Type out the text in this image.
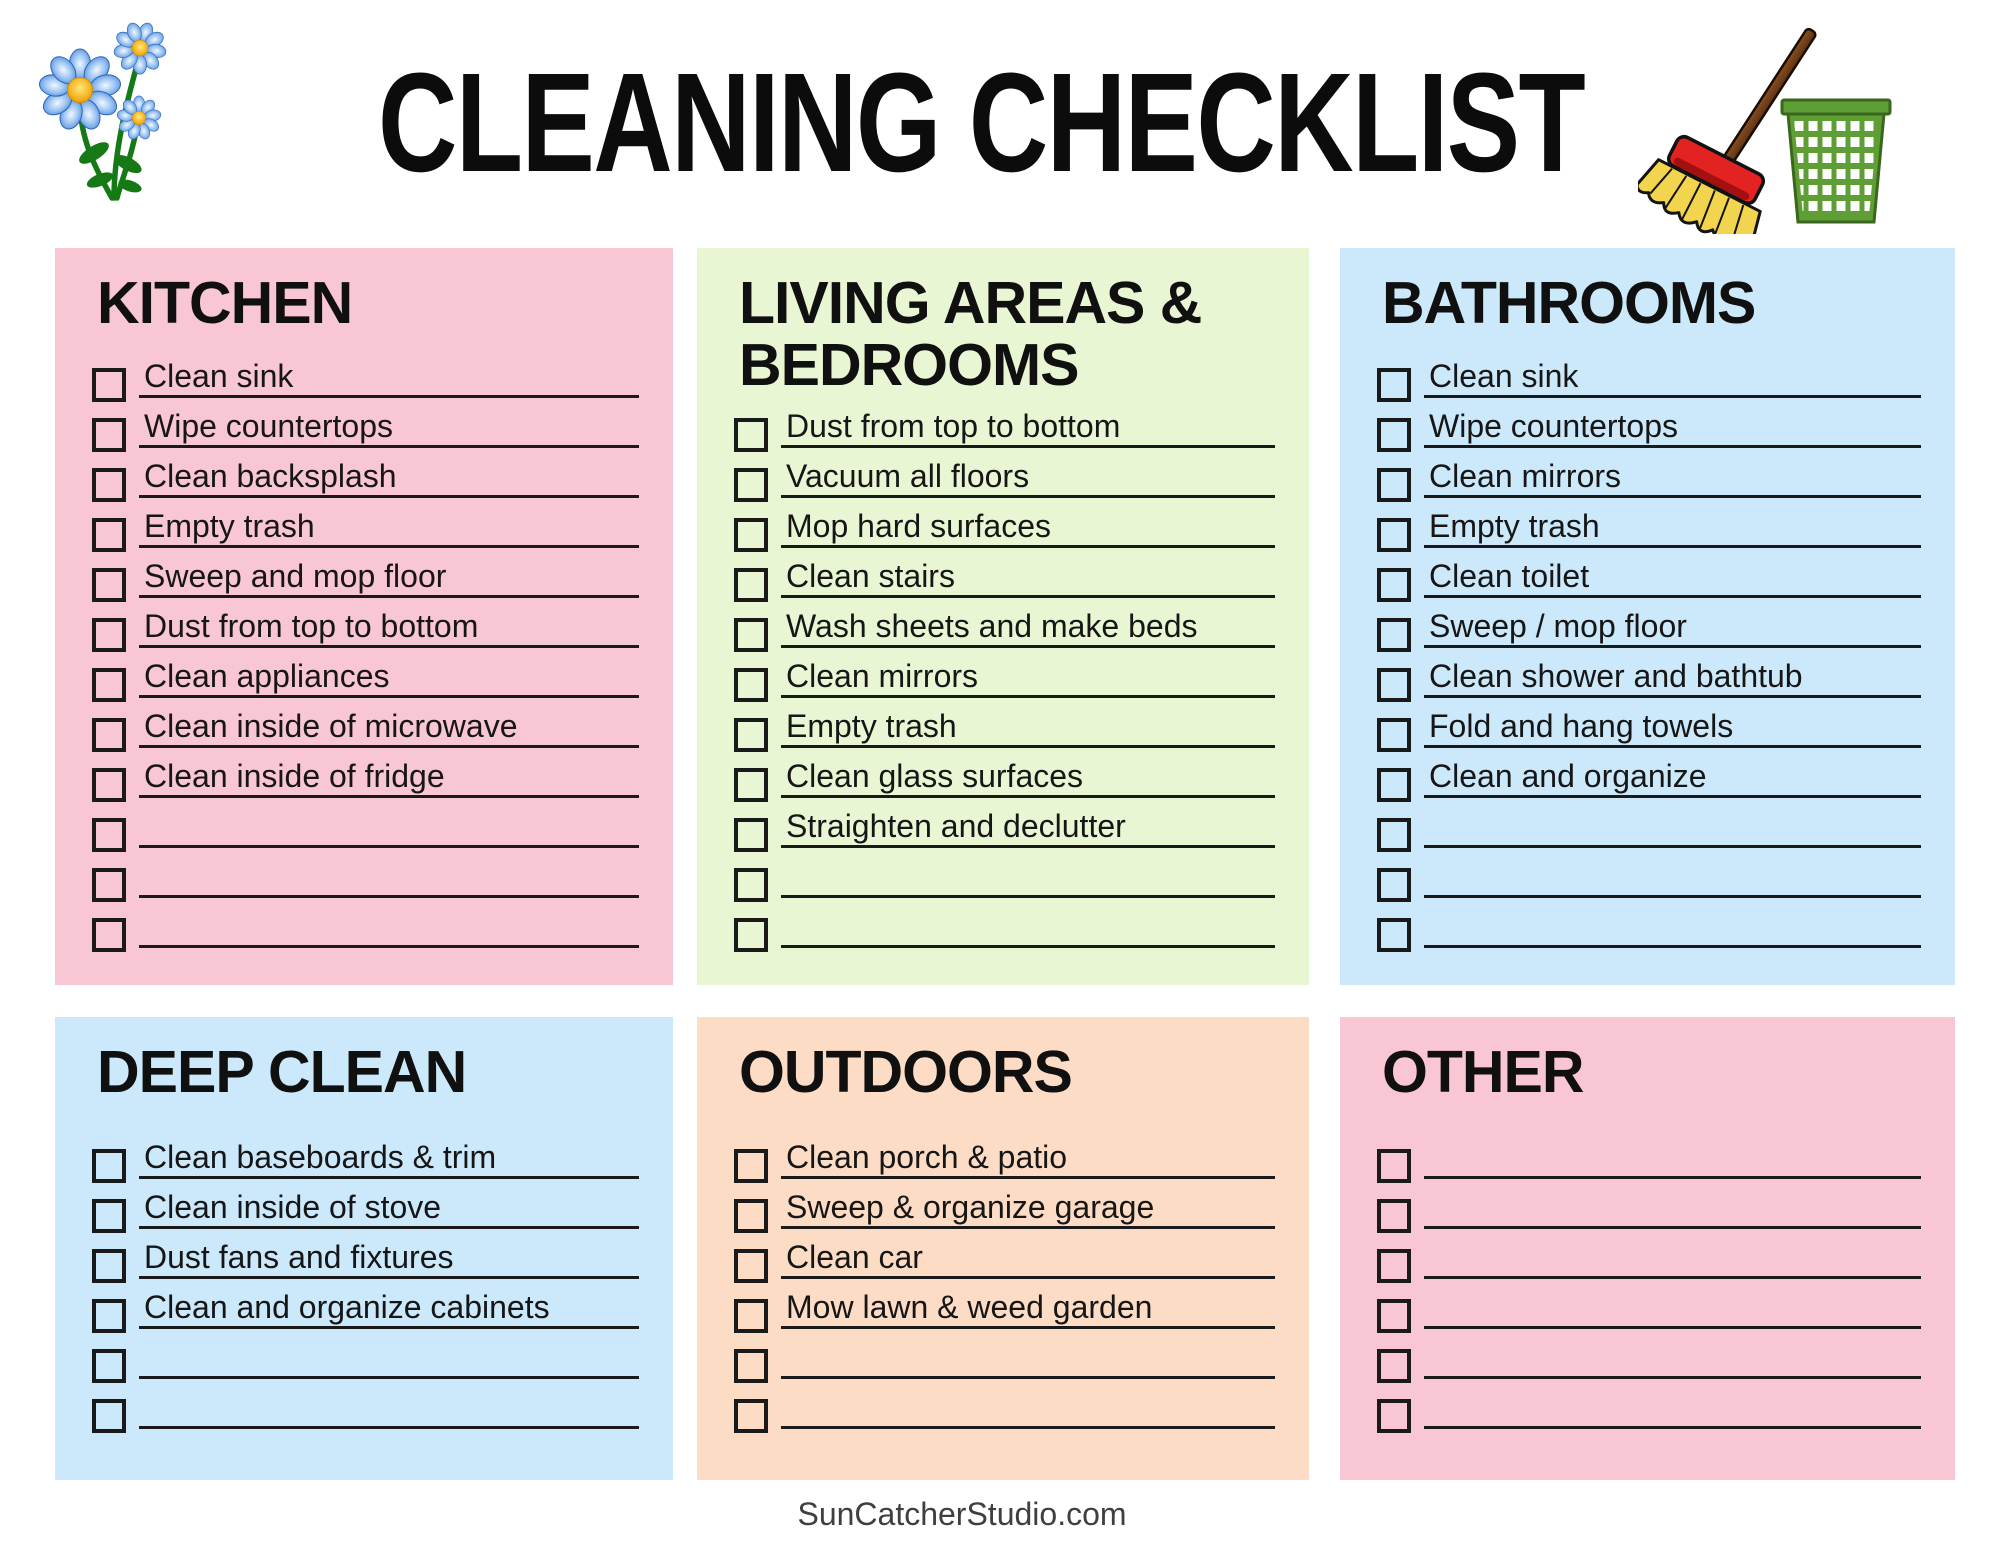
CLEANING CHECKLIST
KITCHEN
Clean sink
Wipe countertops
Clean backsplash
Empty trash
Sweep and mop floor
Dust from top to bottom
Clean appliances
Clean inside of microwave
Clean inside of fridge

LIVING AREAS & BEDROOMS
Dust from top to bottom
Vacuum all floors
Mop hard surfaces
Clean stairs
Wash sheets and make beds
Clean mirrors
Empty trash
Clean glass surfaces
Straighten and declutter

BATHROOMS
Clean sink
Wipe countertops
Clean mirrors
Empty trash
Clean toilet
Sweep / mop floor
Clean shower and bathtub
Fold and hang towels
Clean and organize

DEEP CLEAN
Clean baseboards & trim
Clean inside of stove
Dust fans and fixtures
Clean and organize cabinets

OUTDOORS
Clean porch & patio
Sweep & organize garage
Clean car
Mow lawn & weed garden

OTHER

SunCatcherStudio.com
